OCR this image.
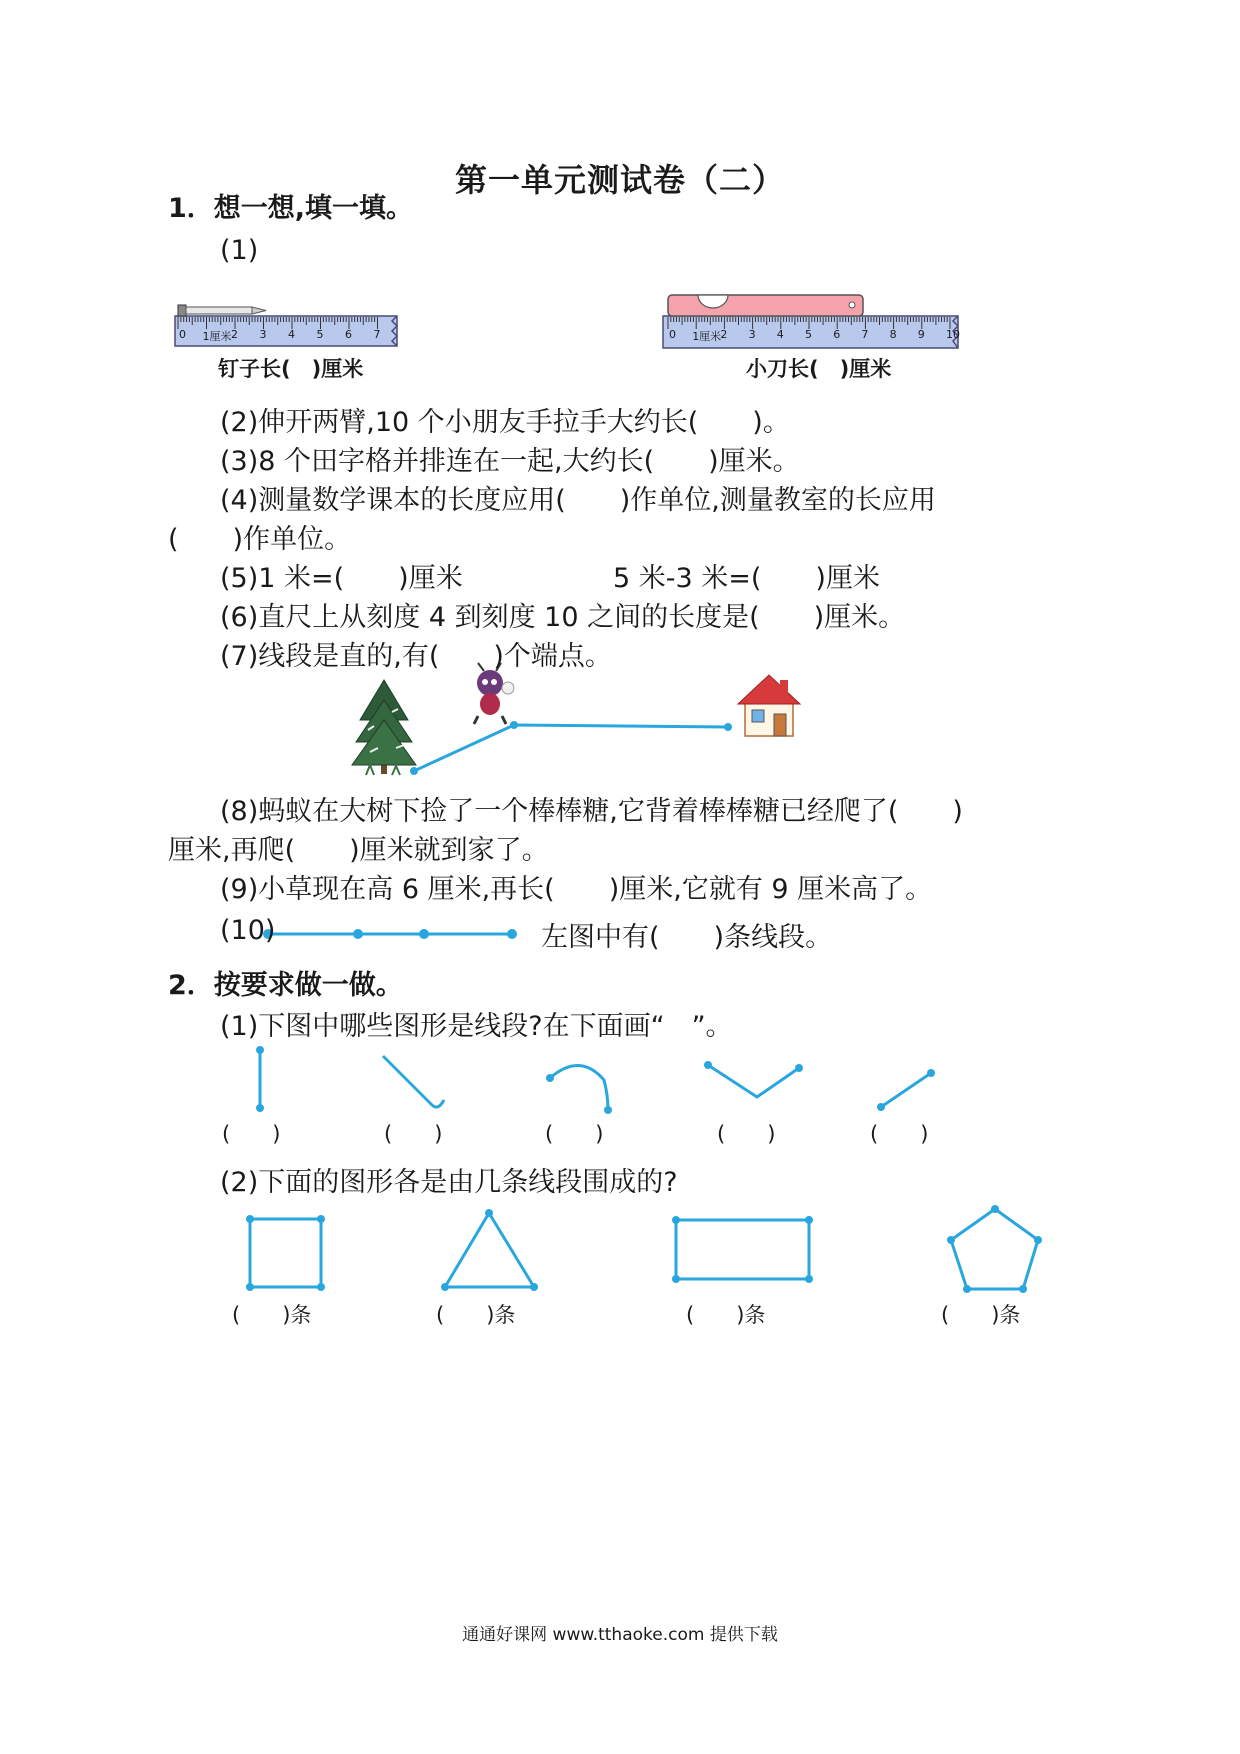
第一单元测试卷（二）
1．想一想,填一填。
(1)
0 1厘米 2 3 4 5 6 7	0 1厘米 2 3 4 5 6 7 8 9 10
钉子长(　)厘米	小刀长(　)厘米
(2)伸开两臂,10 个小朋友手拉手大约长(　　)。
(3)8 个田字格并排连在一起,大约长(　　)厘米。
(4)测量数学课本的长度应用(　　)作单位,测量教室的长应用
(　　)作单位。
(5)1 米=(　　)厘米	5 米-3 米=(　　)厘米
(6)直尺上从刻度 4 到刻度 10 之间的长度是(　　)厘米。
(7)线段是直的,有(　　)个端点。
(8)蚂蚁在大树下捡了一个棒棒糖,它背着棒棒糖已经爬了(　　)
厘米,再爬(　　)厘米就到家了。
(9)小草现在高 6 厘米,再长(　　)厘米,它就有 9 厘米高了。
(10)	左图中有(　　)条线段。
2．按要求做一做。
(1)下图中哪些图形是线段?在下面画“　”。
(　　)	(　　)	(　　)	(　　)	(　　)
(2)下面的图形各是由几条线段围成的?
(　　)条	(　　)条	(　　)条	(　　)条
通通好课网 www.tthaoke.com 提供下载
